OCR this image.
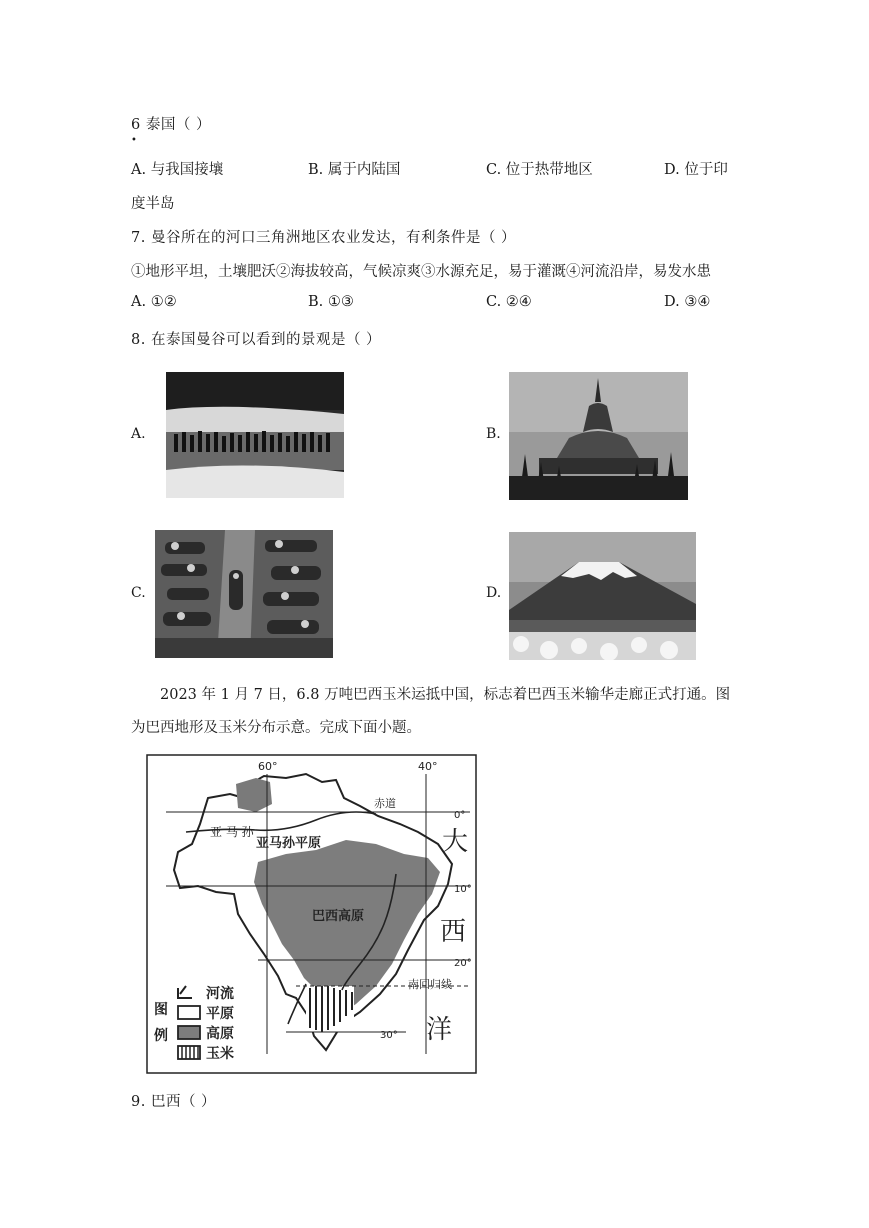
6 泰国（ ）
•
A. 与我国接壤	B. 属于内陆国	C. 位于热带地区	D. 位于印
度半岛
7. 曼谷所在的河口三角洲地区农业发达，有利条件是（ ）
①地形平坦，土壤肥沃②海拔较高，气候凉爽③水源充足，易于灌溉④河流沿岸，易发水患
A. ①②	B. ①③	C. ②④	D. ③④
8. 在泰国曼谷可以看到的景观是（ ）
A.	B.
C.	D.
2023 年 1 月 7 日，6.8 万吨巴西玉米运抵中国，标志着巴西玉米输华走廊正式打通。图
为巴西地形及玉米分布示意。完成下面小题。
60°	40°
赤道
0°
10°
20°
30°
南回归线
亚 马 孙
亚马孙平原
巴西高原
大
西
洋
图
例
河流
平原
高原
玉米
9. 巴西（ ）
